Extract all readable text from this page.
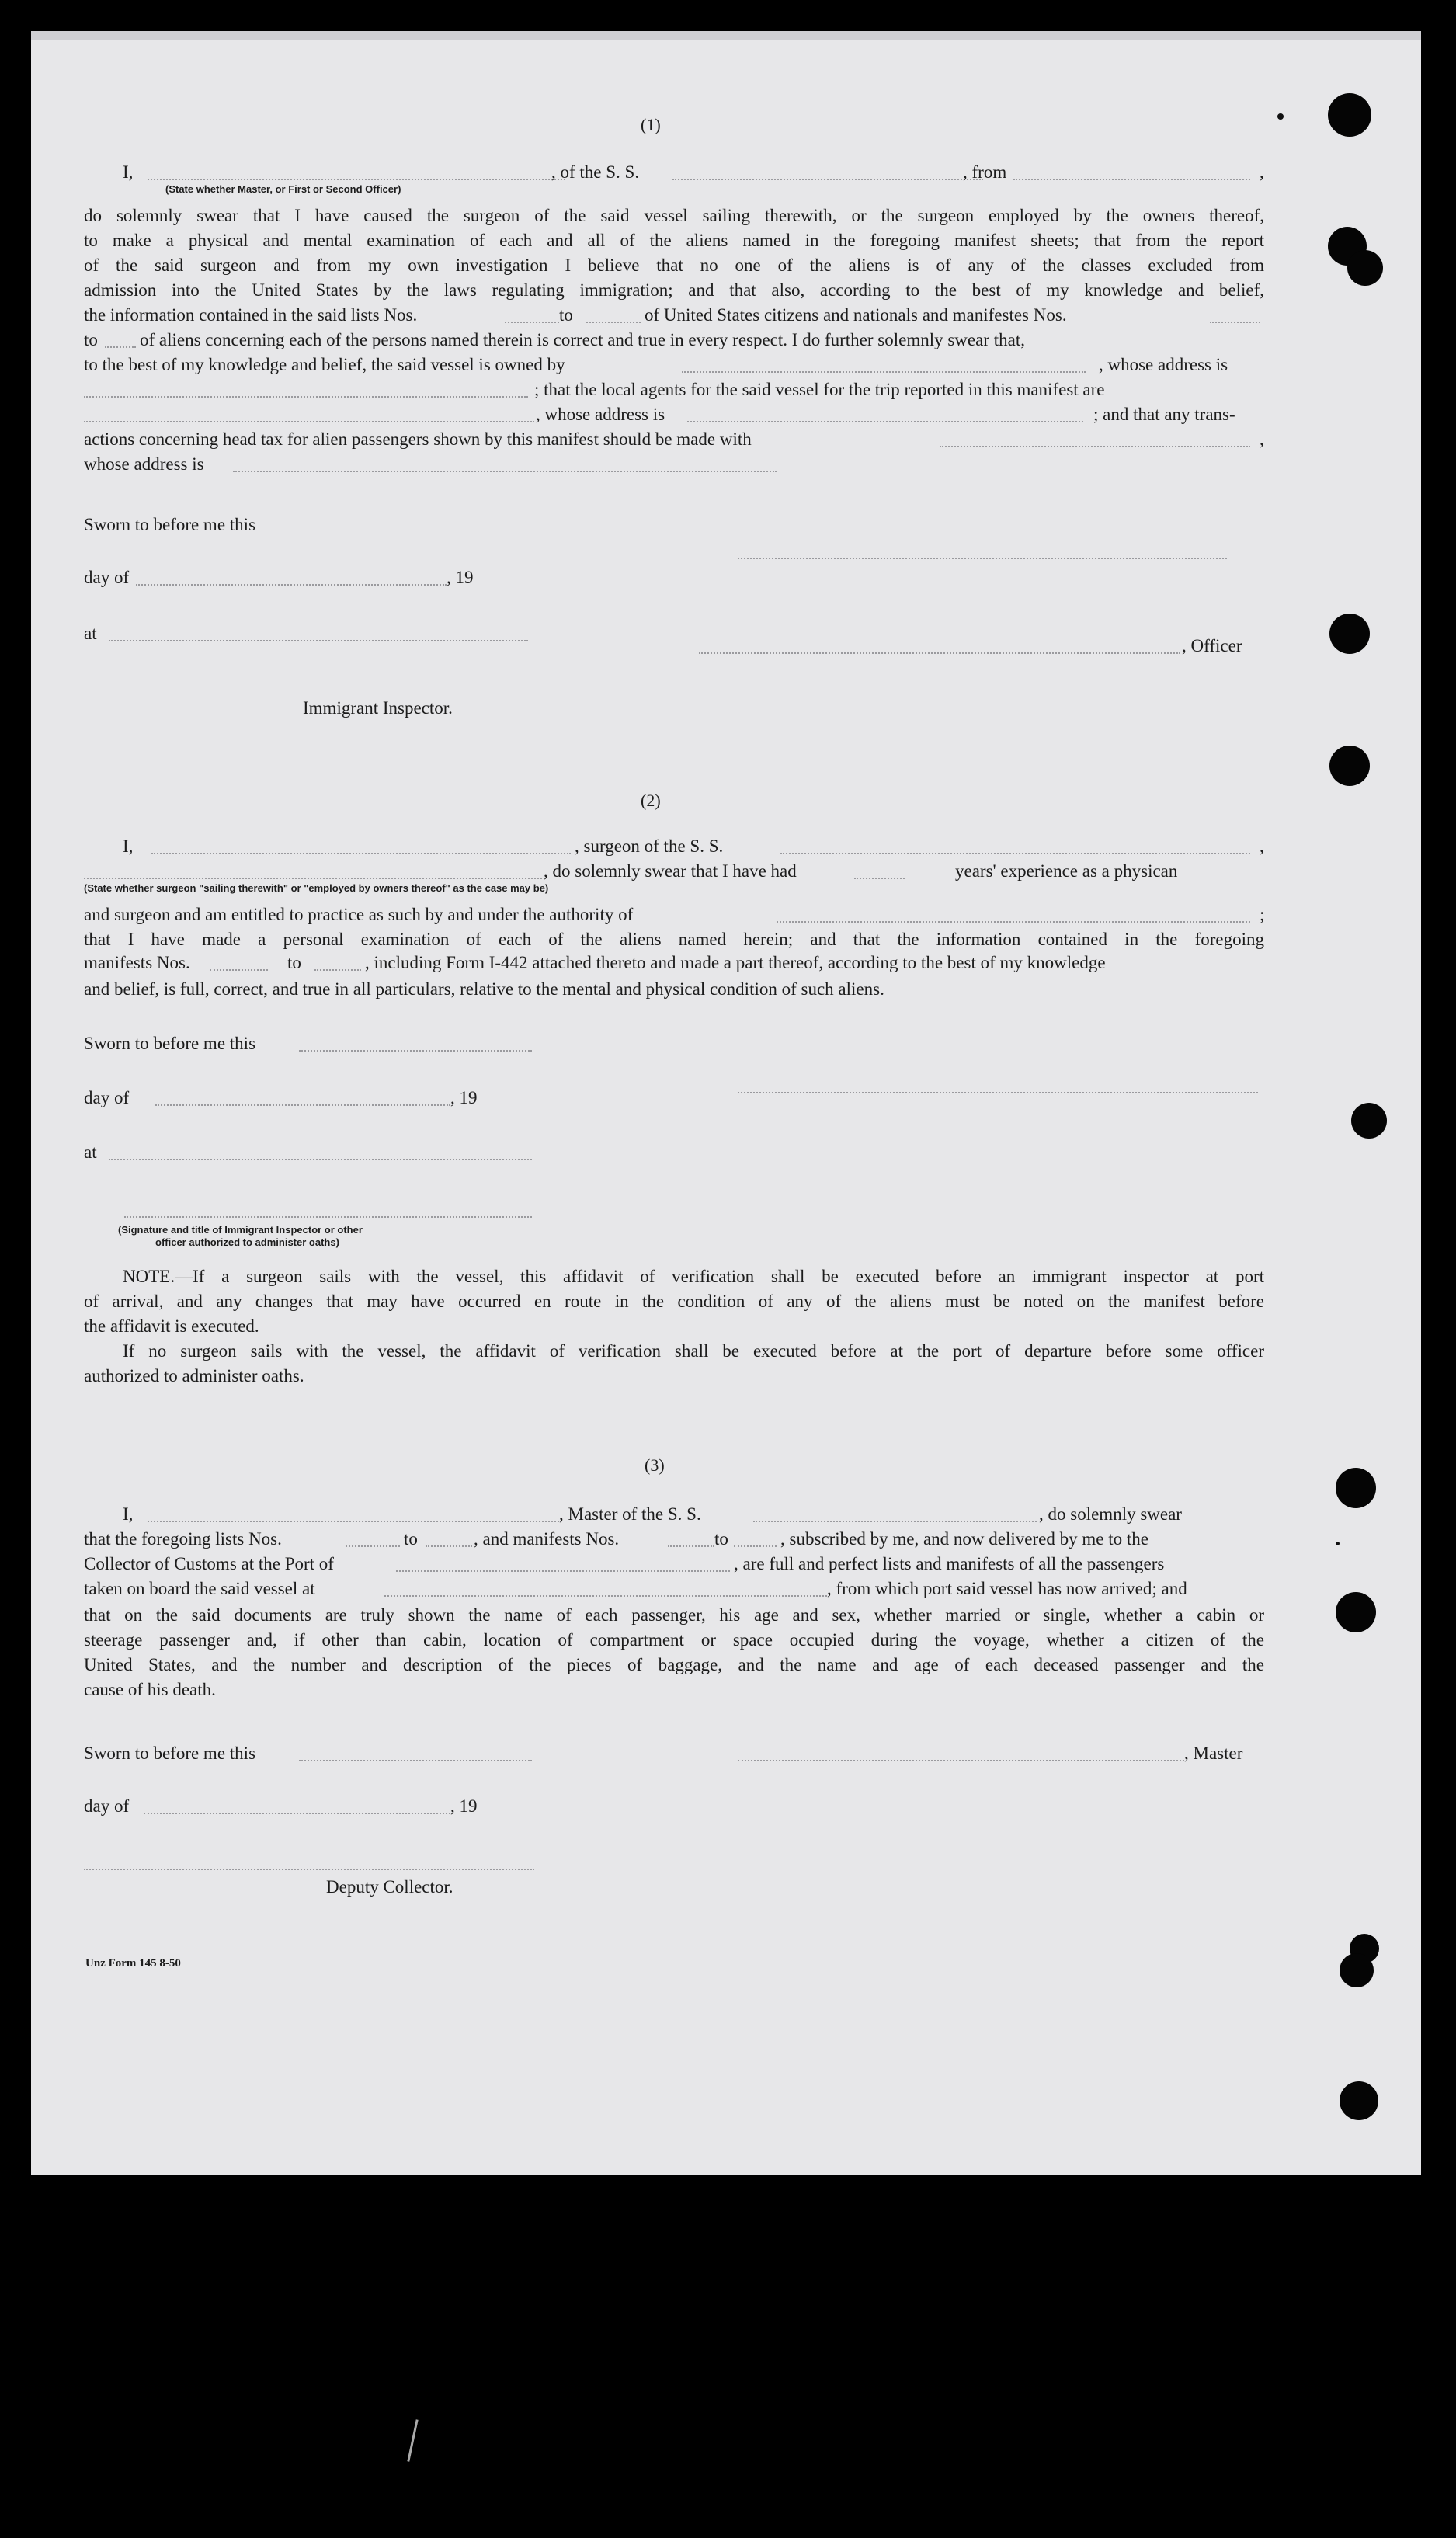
(1)
I,	, of the S. S.	, from	,
(State whether Master, or First or Second Officer)
do solemnly swear that I have caused the surgeon of the said vessel sailing therewith, or the surgeon employed by the owners thereof,
to make a physical and mental examination of each and all of the aliens named in the foregoing manifest sheets; that from the report
of the said surgeon and from my own investigation I believe that no one of the aliens is of any of the classes excluded from
admission into the United States by the laws regulating immigration; and that also, according to the best of my knowledge and belief,
the information contained in the said lists Nos.	to	of United States citizens and nationals and manifestes Nos.
to of aliens concerning each of the persons named therein is correct and true in every respect. I do further solemnly swear that,
to the best of my knowledge and belief, the said vessel is owned by	, whose address is
; that the local agents for the said vessel for the trip reported in this manifest are
, whose address is	; and that any trans-
actions concerning head tax for alien passengers shown by this manifest should be made with	,
whose address is
Sworn to before me this
day of	, 19
at
, Officer
Immigrant Inspector.
(2)
I,	, surgeon of the S. S.	,
, do solemnly swear that I have had	years' experience as a physican
(State whether surgeon "sailing therewith" or "employed by owners thereof" as the case may be)
and surgeon and am entitled to practice as such by and under the authority of	;
that I have made a personal examination of each of the aliens named herein; and that the information contained in the foregoing
manifests Nos.	to	, including Form I-442 attached thereto and made a part thereof, according to the best of my knowledge
and belief, is full, correct, and true in all particulars, relative to the mental and physical condition of such aliens.
Sworn to before me this
day of	, 19
at
(Signature and title of Immigrant Inspector or other
officer authorized to administer oaths)
NOTE.—If a surgeon sails with the vessel, this affidavit of verification shall be executed before an immigrant inspector at port
of arrival, and any changes that may have occurred en route in the condition of any of the aliens must be noted on the manifest before
the affidavit is executed.
If no surgeon sails with the vessel, the affidavit of verification shall be executed before at the port of departure before some officer
authorized to administer oaths.
(3)
I,	, Master of the S. S.	, do solemnly swear
that the foregoing lists Nos.	to	, and manifests Nos.	to	, subscribed by me, and now delivered by me to the
Collector of Customs at the Port of	, are full and perfect lists and manifests of all the passengers
taken on board the said vessel at	, from which port said vessel has now arrived; and
that on the said documents are truly shown the name of each passenger, his age and sex, whether married or single, whether a cabin or
steerage passenger and, if other than cabin, location of compartment or space occupied during the voyage, whether a citizen of the
United States, and the number and description of the pieces of baggage, and the name and age of each deceased passenger and the
cause of his death.
Sworn to before me this	, Master
day of	, 19
Deputy Collector.
Unz Form 145 8-50
